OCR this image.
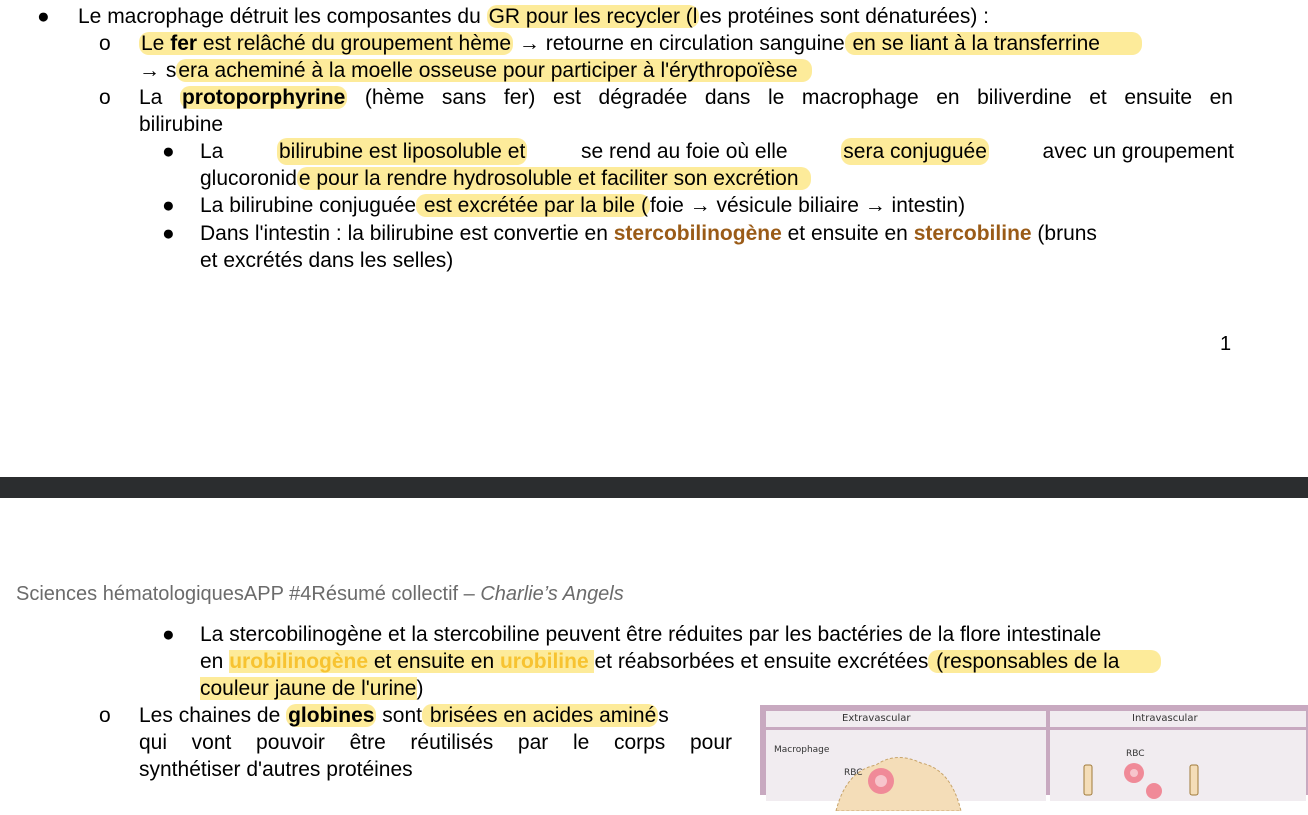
● Le macrophage détruit les composantes du GR pour les recycler (les protéines sont dénaturées) :
o Le fer est relâché du groupement hème → retourne en circulation sanguine en se liant à la transferrine
→ sera acheminé à la moelle osseuse pour participer à l'érythropoïèse
o La protoporphyrine (hème sans fer) est dégradée dans le macrophage en biliverdine et ensuite en
bilirubine
● La	bilirubine est liposoluble et	se rend au foie où elle	sera conjuguée	avec un groupement
glucoronide pour la rendre hydrosoluble et faciliter son excrétion
● La bilirubine conjuguée est excrétée par la bile (foie → vésicule biliaire → intestin)
● Dans l'intestin : la bilirubine est convertie en stercobilinogène et ensuite en stercobiline (bruns
et excrétés dans les selles)
1
Sciences hématologiquesAPP #4Résumé collectif – Charlie’s Angels
● La stercobilinogène et la stercobiline peuvent être réduites par les bactéries de la flore intestinale
en urobilinogène et ensuite en urobiline et réabsorbées et ensuite excrétées (responsables de la
couleur jaune de l'urine)
o Les chaines de globines sont brisées en acides aminés
qui vont pouvoir être réutilisés par le corps pour
synthétiser d'autres protéines
Extravascular
Macrophage
RBC
Intravascular
RBC
